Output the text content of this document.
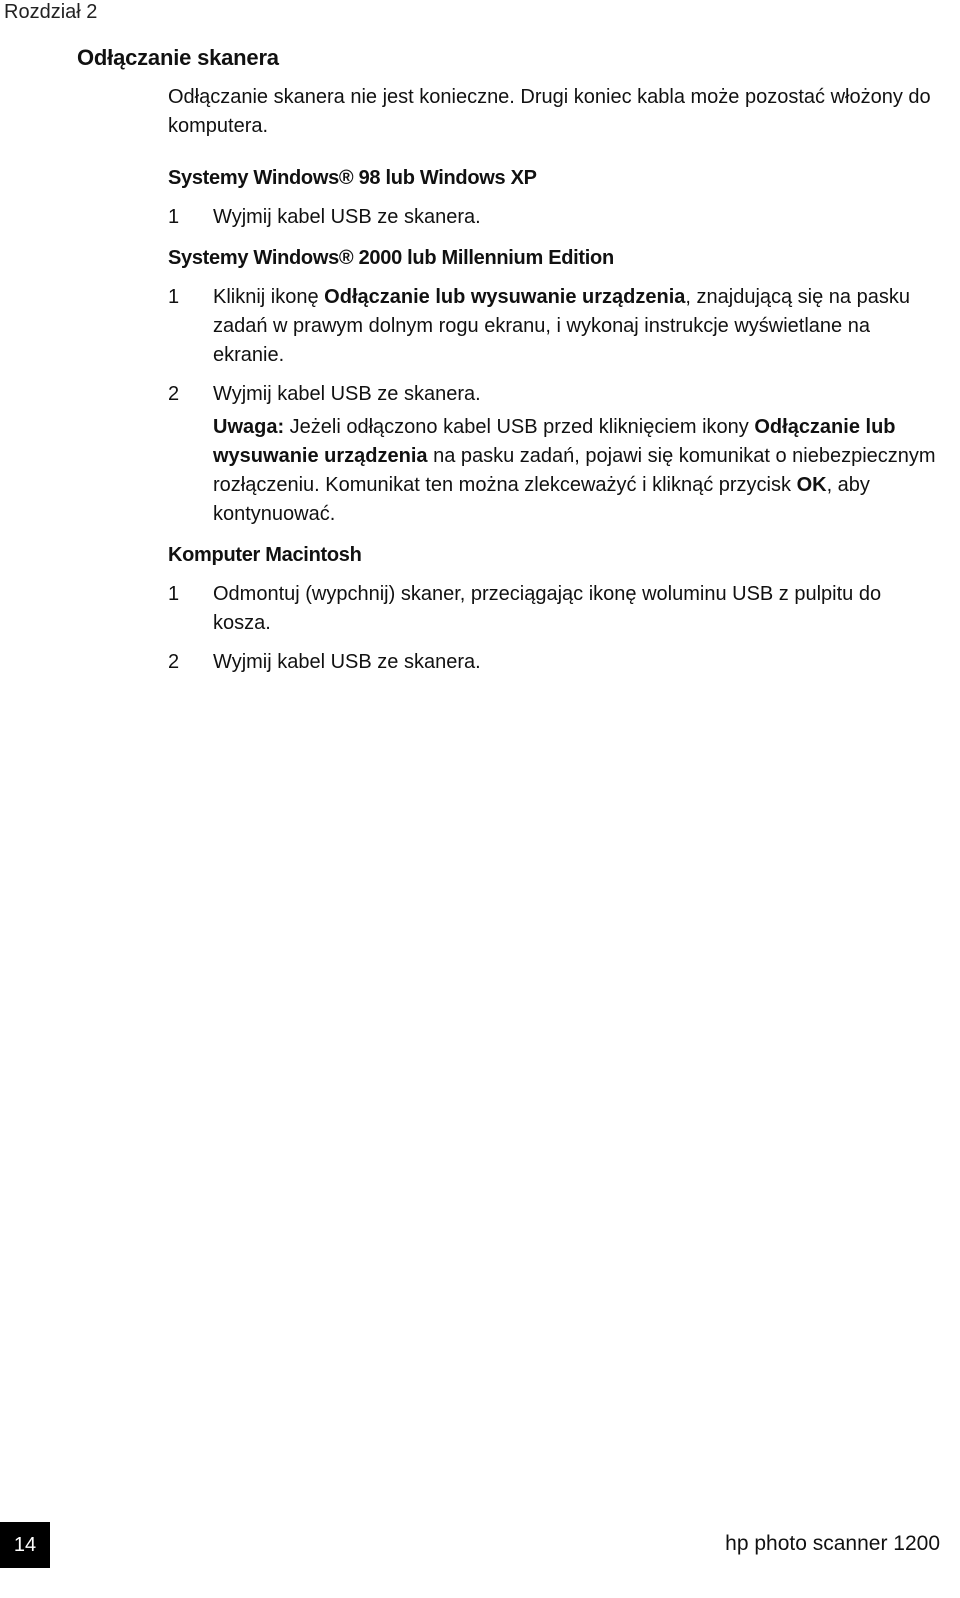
Rozdział 2
Odłączanie skanera

Odłączanie skanera nie jest konieczne. Drugi koniec kabla może pozostać włożony do komputera.

Systemy Windows® 98 lub Windows XP

1	Wyjmij kabel USB ze skanera.

Systemy Windows® 2000 lub Millennium Edition

1	Kliknij ikonę Odłączanie lub wysuwanie urządzenia, znajdującą się na pasku zadań w prawym dolnym rogu ekranu, i wykonaj instrukcje wyświetlane na ekranie.
2	Wyjmij kabel USB ze skanera.

Uwaga: Jeżeli odłączono kabel USB przed kliknięciem ikony Odłączanie lub wysuwanie urządzenia na pasku zadań, pojawi się komunikat o niebezpiecznym rozłączeniu. Komunikat ten można zlekceważyć i kliknąć przycisk OK, aby kontynuować.

Komputer Macintosh

1	Odmontuj (wypchnij) skaner, przeciągając ikonę woluminu USB z pulpitu do kosza.
2	Wyjmij kabel USB ze skanera.
14	hp photo scanner 1200
